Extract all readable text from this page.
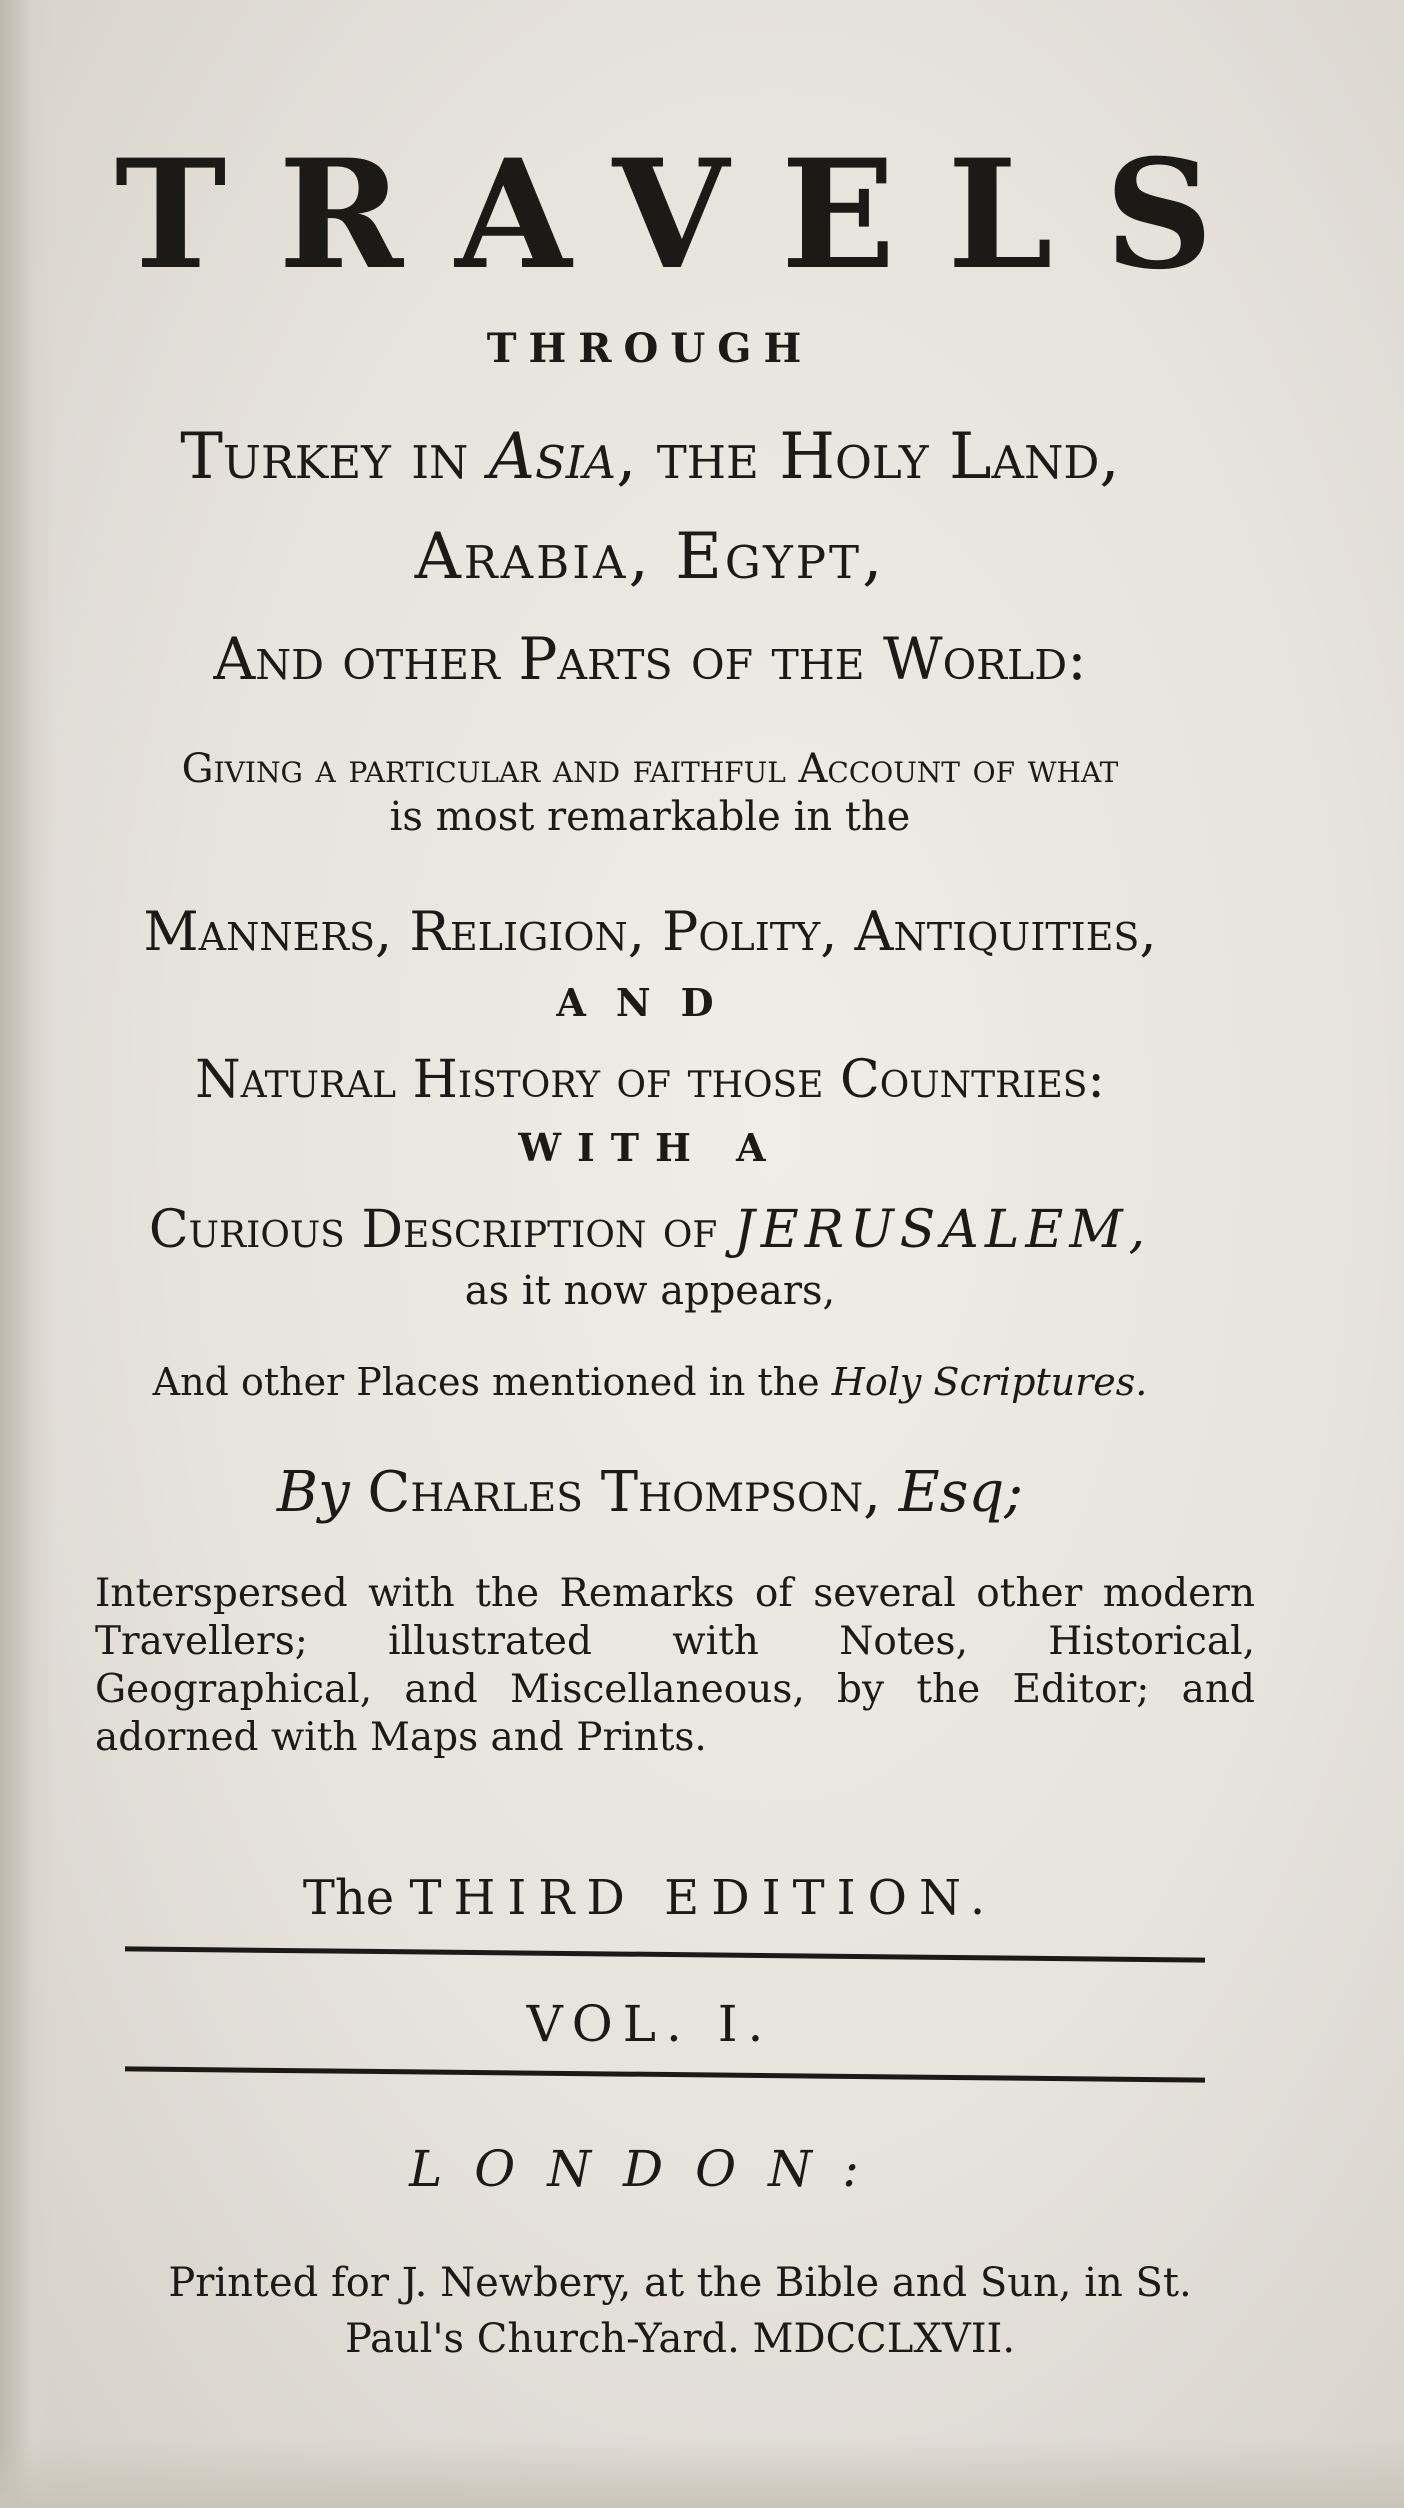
TRAVELS
THROUGH
Turkey in Asia, the Holy Land,
Arabia, Egypt,
And other Parts of the World:
Giving a particular and faithful Account of what
is most remarkable in the
Manners, Religion, Polity, Antiquities,
AND
Natural History of those Countries:
WITH A
Curious Description of JERUSALEM,
as it now appears,
And other Places mentioned in the Holy Scriptures.
By Charles Thompson, Esq;
Interspersed with the Remarks of several other modern Travellers; illustrated with Notes, Historical, Geographical, and Miscellaneous, by the Editor; and adorned with Maps and Prints.
The THIRD EDITION.
VOL. I.
LONDON:
Printed for J. Newbery, at the Bible and Sun, in St.
Paul's Church-Yard. MDCCLXVII.
